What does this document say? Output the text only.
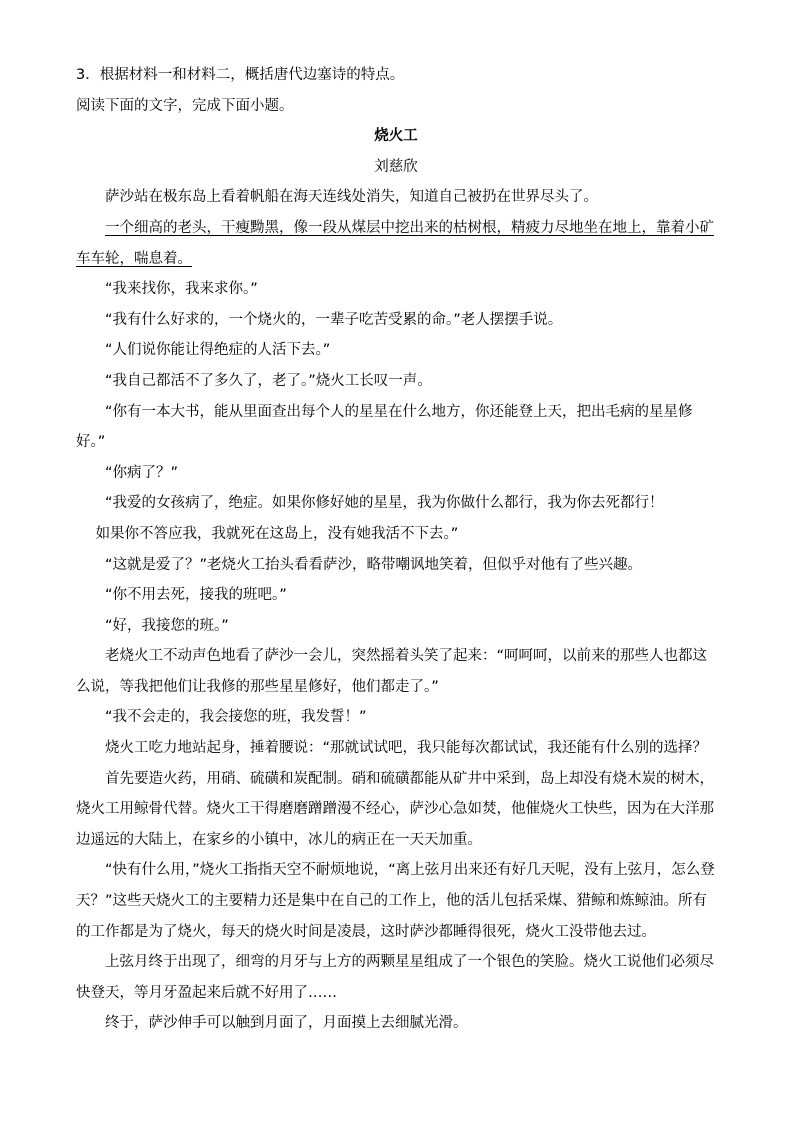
3．根据材料一和材料二，概括唐代边塞诗的特点。

阅读下面的文字，完成下面小题。

烧火工

刘慈欣

萨沙站在极东岛上看着帆船在海天连线处消失，知道自己被扔在世界尽头了。

一个细高的老头，干瘦黝黑，像一段从煤层中挖出来的枯树根，精疲力尽地坐在地上，靠着小矿车车轮，喘息着。

“我来找你，我来求你。”

“我有什么好求的，一个烧火的，一辈子吃苦受累的命。”老人摆摆手说。

“人们说你能让得绝症的人活下去。”

“我自己都活不了多久了，老了。”烧火工长叹一声。

“你有一本大书，能从里面查出每个人的星星在什么地方，你还能登上天，把出毛病的星星修好。”

“你病了？”

“我爱的女孩病了，绝症。如果你修好她的星星，我为你做什么都行，我为你去死都行！

如果你不答应我，我就死在这岛上，没有她我活不下去。”

“这就是爱了？”老烧火工抬头看看萨沙，略带嘲讽地笑着，但似乎对他有了些兴趣。

“你不用去死，接我的班吧。”

“好，我接您的班。”

老烧火工不动声色地看了萨沙一会儿，突然摇着头笑了起来：“呵呵呵，以前来的那些人也都这么说，等我把他们让我修的那些星星修好，他们都走了。”

“我不会走的，我会接您的班，我发誓！”

烧火工吃力地站起身，捶着腰说：“那就试试吧，我只能每次都试试，我还能有什么别的选择？

首先要造火药，用硝、硫磺和炭配制。硝和硫磺都能从矿井中采到，岛上却没有烧木炭的树木，烧火工用鲸骨代替。烧火工干得磨磨蹭蹭漫不经心，萨沙心急如焚，他催烧火工快些，因为在大洋那边遥远的大陆上，在家乡的小镇中，冰儿的病正在一天天加重。

“快有什么用，”烧火工指指天空不耐烦地说，“离上弦月出来还有好几天呢，没有上弦月，怎么登天？”这些天烧火工的主要精力还是集中在自己的工作上，他的活儿包括采煤、猎鲸和炼鲸油。所有的工作都是为了烧火，每天的烧火时间是凌晨，这时萨沙都睡得很死，烧火工没带他去过。

上弦月终于出现了，细弯的月牙与上方的两颗星星组成了一个银色的笑脸。烧火工说他们必须尽快登天，等月牙盈起来后就不好用了……

终于，萨沙伸手可以触到月面了，月面摸上去细腻光滑。
